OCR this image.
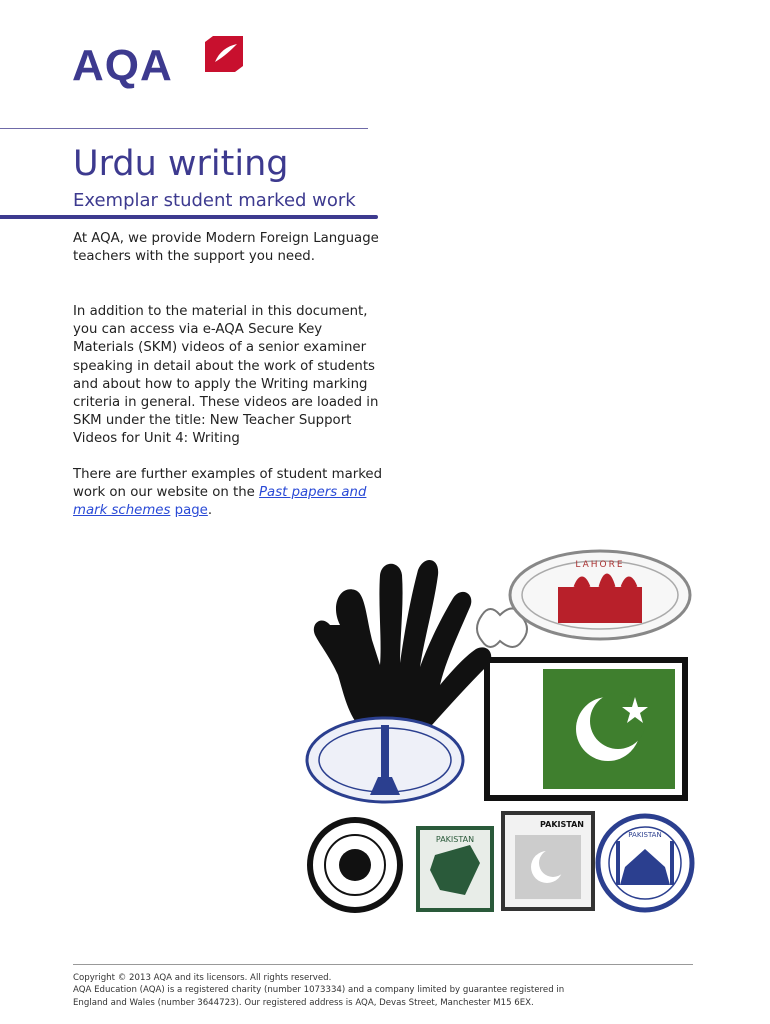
AQA
Urdu writing
Exemplar student marked work

At AQA, we provide Modern Foreign Language teachers with the support you need.

In addition to the material in this document, you can access via e-AQA Secure Key Materials (SKM) videos of a senior examiner speaking in detail about the work of students and about how to apply the Writing marking criteria in general. These videos are loaded in SKM under the title: New Teacher Support Videos for Unit 4: Writing

There are further examples of student marked work on our website on the Past papers and mark schemes page.

LAHORE
PAKISTAN
PAKISTAN
PAKISTAN

Copyright © 2013 AQA and its licensors. All rights reserved.
AQA Education (AQA) is a registered charity (number 1073334) and a company limited by guarantee registered in
England and Wales (number 3644723). Our registered address is AQA, Devas Street, Manchester M15 6EX.
